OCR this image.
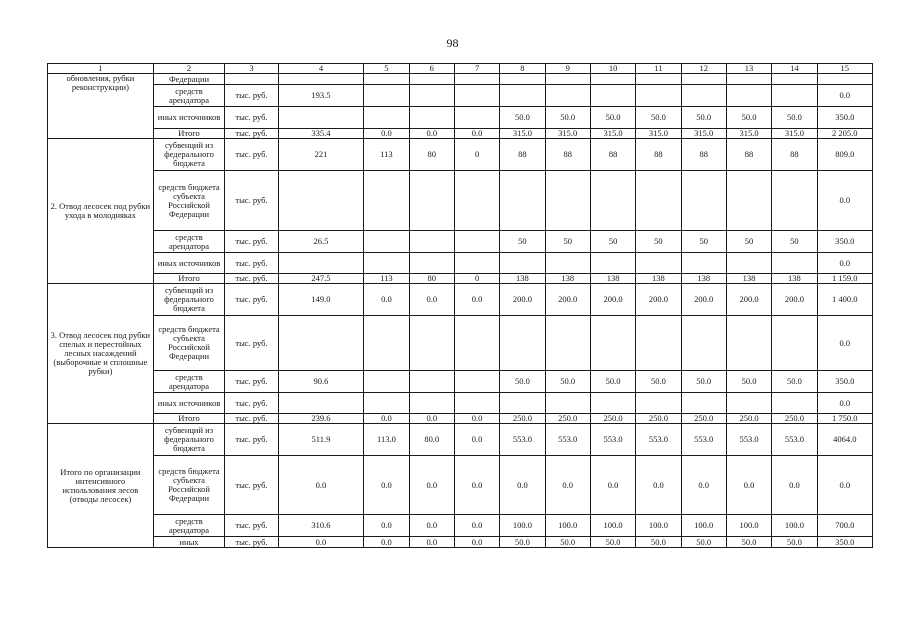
98
1	2	3	4	5	6	7	8	9	10	11	12	13	14	15
обновления, рубки реконструкции)	Федерации													
	средств арендатора	тыс. руб.	193.5											0.0
	иных источников	тыс. руб.					50.0	50.0	50.0	50.0	50.0	50.0	50.0	350.0
	Итого	тыс. руб.	335.4	0.0	0.0	0.0	315.0	315.0	315.0	315.0	315.0	315.0	315.0	2 205.0
2. Отвод лесосек под рубки ухода в молодняках	субвенций из федерального бюджета	тыс. руб.	221	113	80	0	88	88	88	88	88	88	88	809.0
	средств бюджета субъекта Российской Федерации	тыс. руб.												0.0
	средств арендатора	тыс. руб.	26.5				50	50	50	50	50	50	50	350.0
	иных источников	тыс. руб.												0.0
	Итого	тыс. руб.	247.5	113	80	0	138	138	138	138	138	138	138	1 159.0
3. Отвод лесосек под рубки спелых и перестойных лесных насаждений (выборочные и сплошные рубки)	субвенций из федерального бюджета	тыс. руб.	149.0	0.0	0.0	0.0	200.0	200.0	200.0	200.0	200.0	200.0	200.0	1 400.0
	средств бюджета субъекта Российской Федерации	тыс. руб.												0.0
	средств арендатора	тыс. руб.	90.6				50.0	50.0	50.0	50.0	50.0	50.0	50.0	350.0
	иных источников	тыс. руб.												0.0
	Итого	тыс. руб.	239.6	0.0	0.0	0.0	250.0	250.0	250.0	250.0	250.0	250.0	250.0	1 750.0
Итого по организации интенсивного использования лесов (отводы лесосек)	субвенций из федерального бюджета	тыс. руб.	511.9	113.0	80.0	0.0	553.0	553.0	553.0	553.0	553.0	553.0	553.0	4064.0
	средств бюджета субъекта Российской Федерации	тыс. руб.	0.0	0.0	0.0	0.0	0.0	0.0	0.0	0.0	0.0	0.0	0.0	0.0
	средств арендатора	тыс. руб.	310.6	0.0	0.0	0.0	100.0	100.0	100.0	100.0	100.0	100.0	100.0	700.0
	иных	тыс. руб.	0.0	0.0	0.0	0.0	50.0	50.0	50.0	50.0	50.0	50.0	50.0	350.0
